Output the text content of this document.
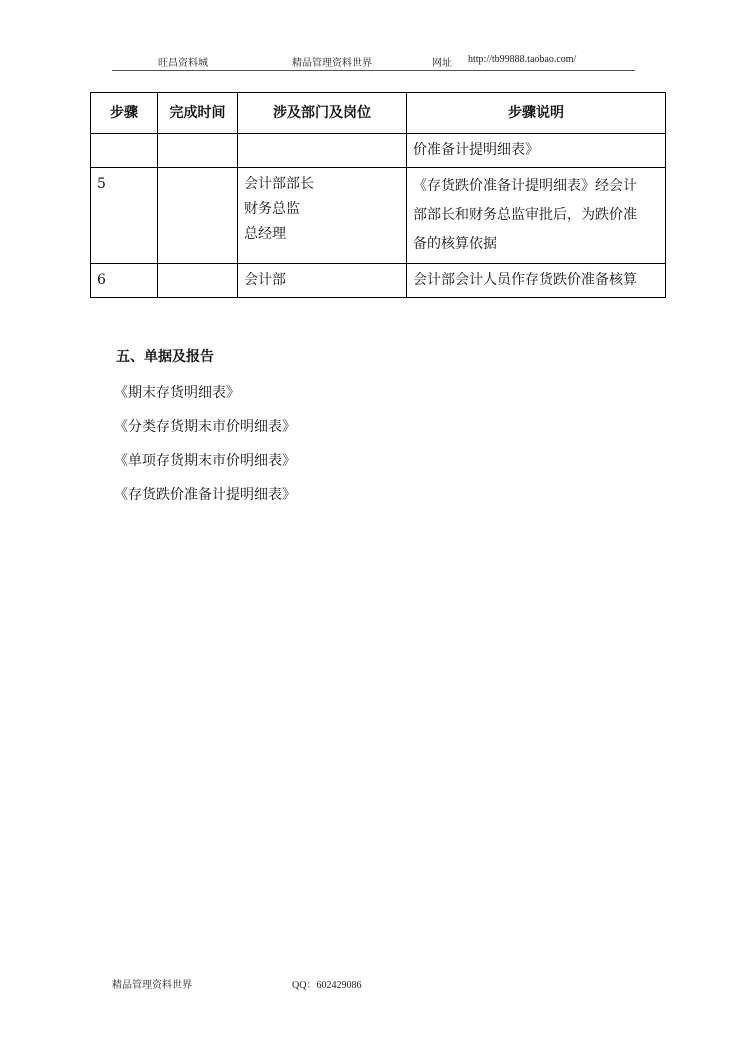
旺昌资料城	精品管理资料世界	网址 http://tb99888.taobao.com/
步骤	完成时间	涉及部门及岗位	步骤说明

			价准备计提明细表》

5		会计部部长
财务总监
总经理	《存货跌价准备计提明细表》经会计
部部长和财务总监审批后，为跌价准
备的核算依据

6		会计部	会计部会计人员作存货跌价准备核算
五、单据及报告
《期末存货明细表》
《分类存货期末市价明细表》
《单项存货期末市价明细表》
《存货跌价准备计提明细表》
精品管理资料世界	QQ：602429086
